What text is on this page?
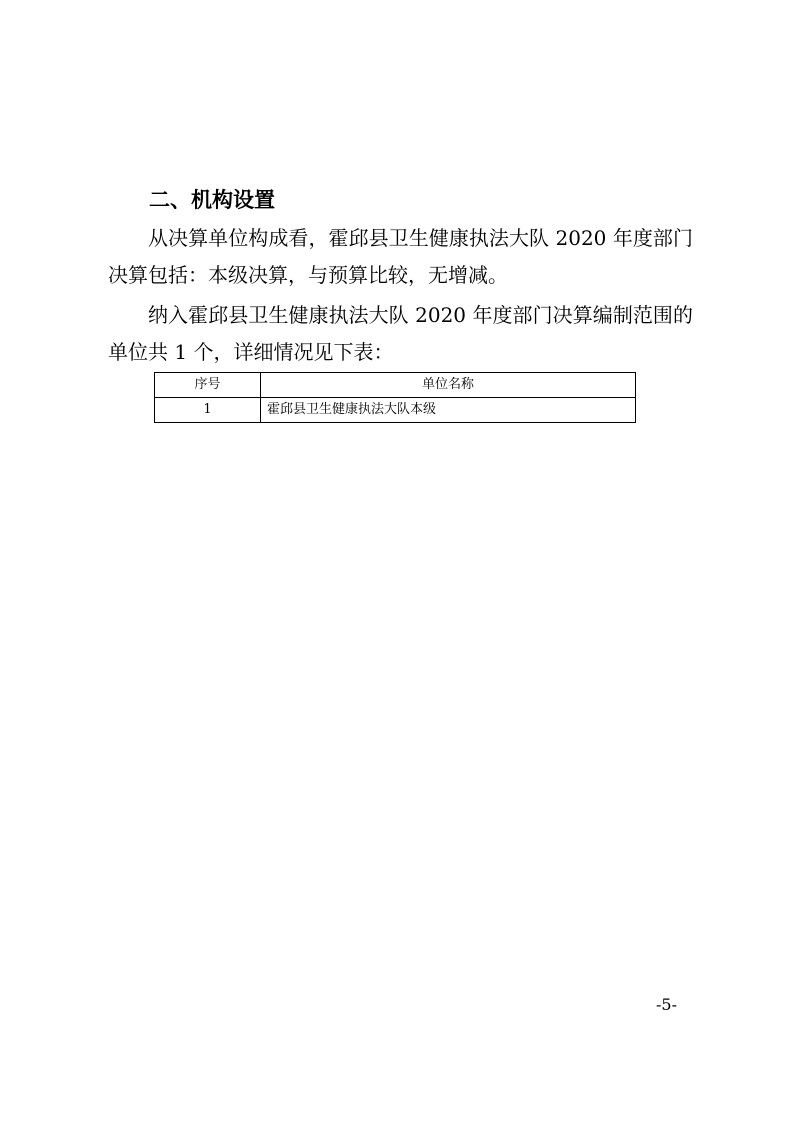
二、机构设置
从决算单位构成看，霍邱县卫生健康执法大队 2020 年度部门决算包括：本级决算，与预算比较，无增减。
纳入霍邱县卫生健康执法大队 2020 年度部门决算编制范围的单位共 1 个，详细情况见下表：
序号	单位名称
1	霍邱县卫生健康执法大队本级
-5-
